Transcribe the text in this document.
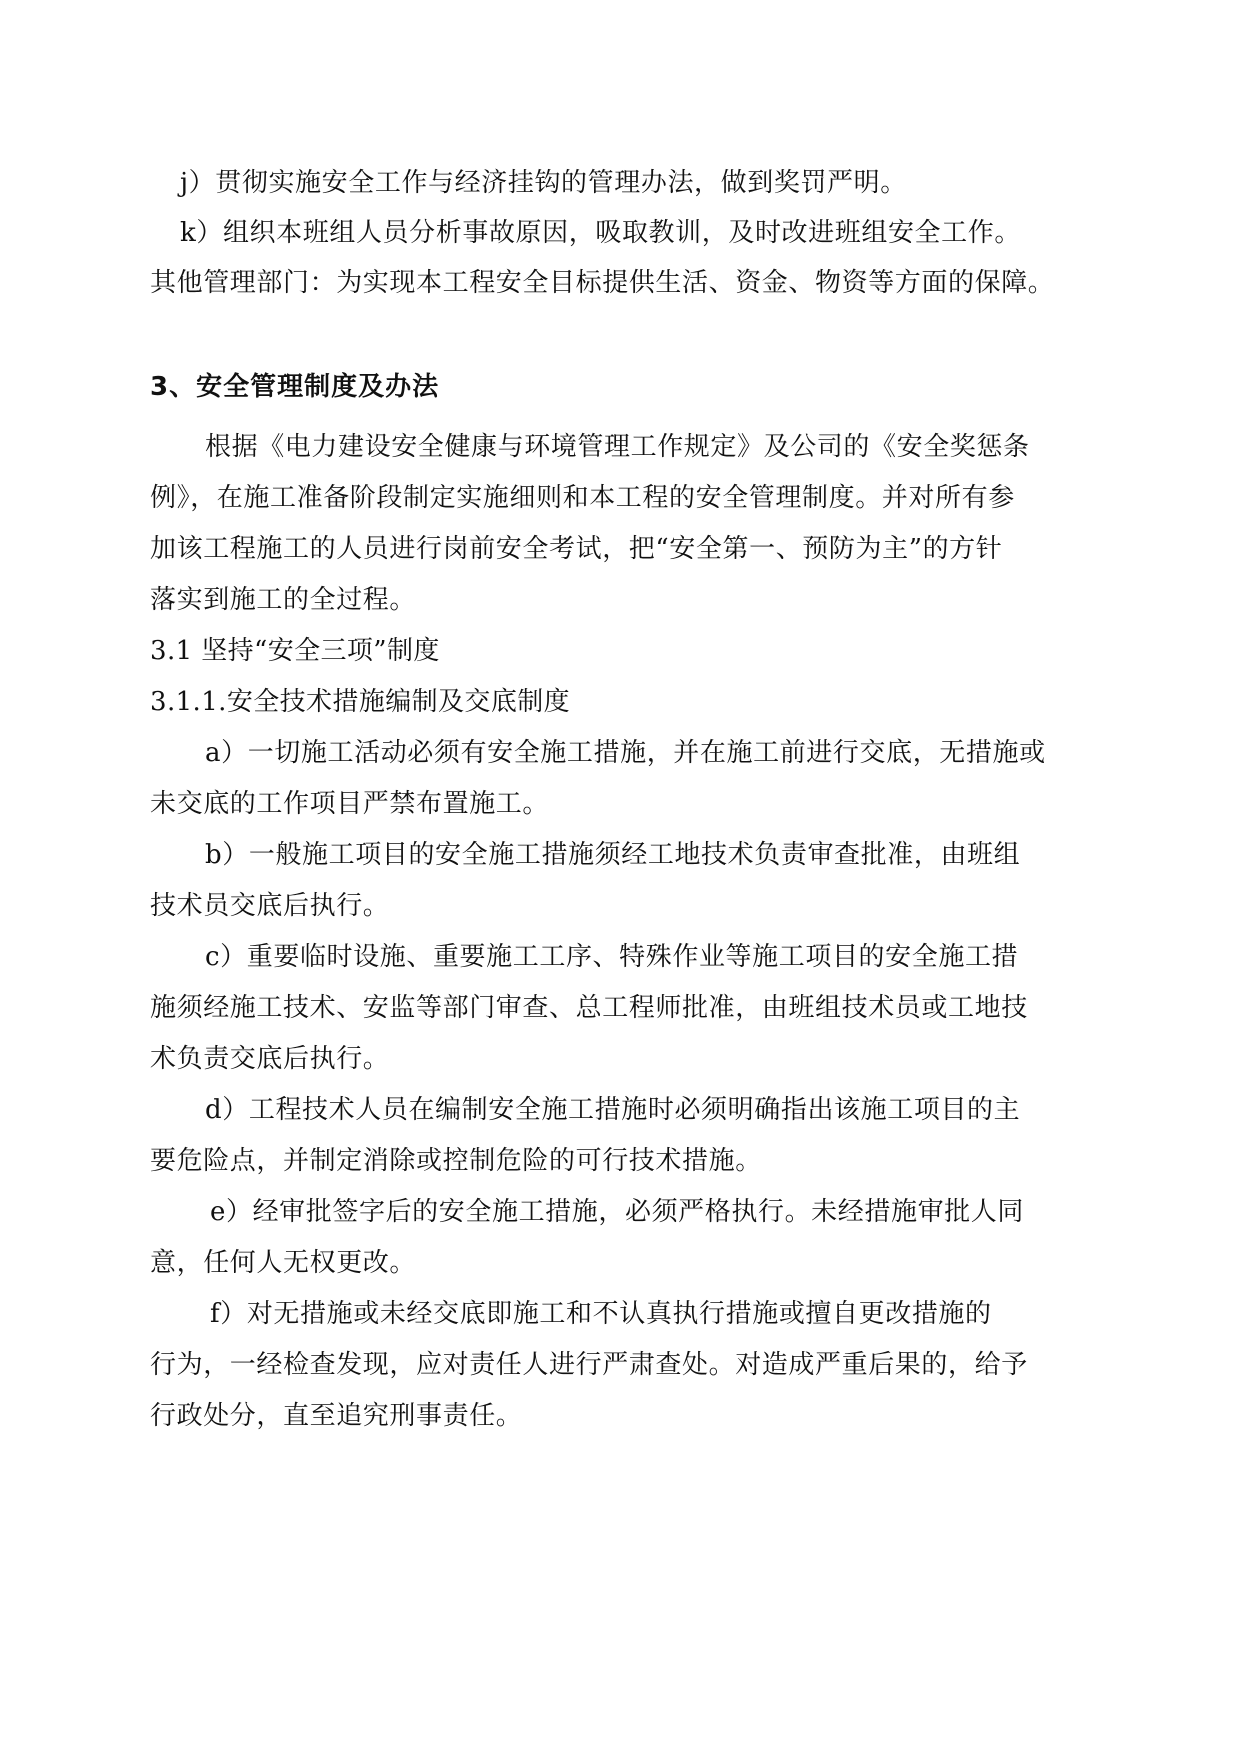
j）贯彻实施安全工作与经济挂钩的管理办法，做到奖罚严明。
k）组织本班组人员分析事故原因，吸取教训，及时改进班组安全工作。
其他管理部门：为实现本工程安全目标提供生活、资金、物资等方面的保障。
3、安全管理制度及办法
根据《电力建设安全健康与环境管理工作规定》及公司的《安全奖惩条
例》，在施工准备阶段制定实施细则和本工程的安全管理制度。并对所有参
加该工程施工的人员进行岗前安全考试，把“安全第一、预防为主”的方针
落实到施工的全过程。
3.1 坚持“安全三项”制度
3.1.1.安全技术措施编制及交底制度
a）一切施工活动必须有安全施工措施，并在施工前进行交底，无措施或
未交底的工作项目严禁布置施工。
b）一般施工项目的安全施工措施须经工地技术负责审查批准，由班组
技术员交底后执行。
c）重要临时设施、重要施工工序、特殊作业等施工项目的安全施工措
施须经施工技术、安监等部门审查、总工程师批准，由班组技术员或工地技
术负责交底后执行。
d）工程技术人员在编制安全施工措施时必须明确指出该施工项目的主
要危险点，并制定消除或控制危险的可行技术措施。
e）经审批签字后的安全施工措施，必须严格执行。未经措施审批人同
意，任何人无权更改。
f）对无措施或未经交底即施工和不认真执行措施或擅自更改措施的
行为，一经检查发现，应对责任人进行严肃查处。对造成严重后果的，给予
行政处分，直至追究刑事责任。
